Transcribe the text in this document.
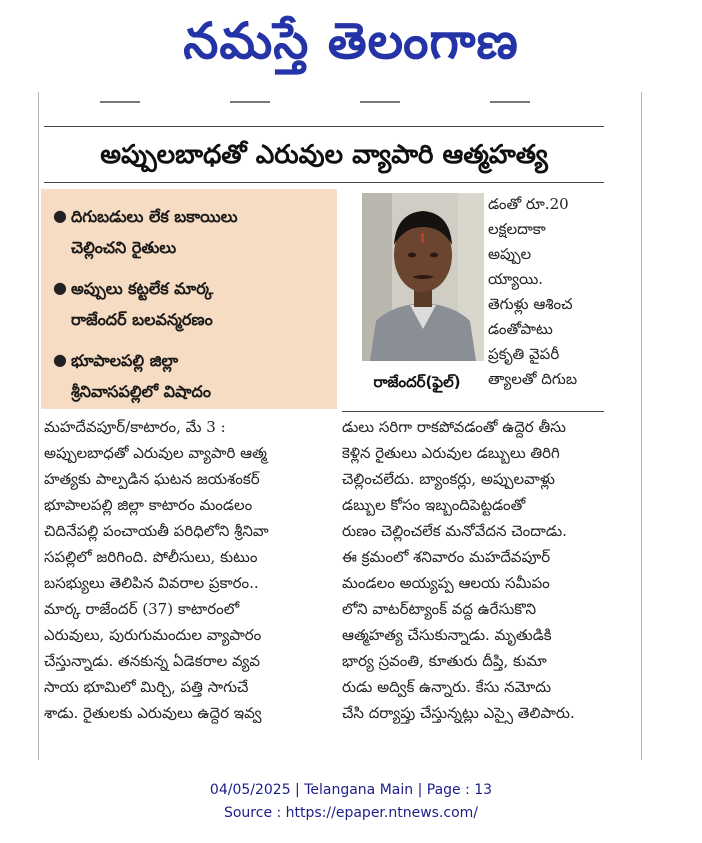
నమస్తే తెలంగాణ
అప్పులబాధతో ఎరువుల వ్యాపారి ఆత్మహత్య
● దిగుబడులు లేక బకాయిలు
చెల్లించని రైతులు
● అప్పులు కట్టలేక మార్క
రాజేందర్ బలవన్మరణం
● భూపాలపల్లి జిల్లా
శ్రీనివాసపల్లిలో విషాదం	రాజేందర్(ఫైల్)
డంతో రూ.20
లక్షలదాకా
అప్పుల
య్యాయి.
తెగుళ్లు ఆశించ
డంతోపాటు
ప్రకృతి వైపరీ
త్యాలతో దిగుబ
మహదేవపూర్/కాటారం, మే 3 :
అప్పులబాధతో ఎరువుల వ్యాపారి ఆత్మ
హత్యకు పాల్పడిన ఘటన జయశంకర్
భూపాలపల్లి జిల్లా కాటారం మండలం
చిదినేపల్లి పంచాయతీ పరిధిలోని శ్రీనివా
సపల్లిలో జరిగింది. పోలీసులు, కుటుం
బసభ్యులు తెలిపిన వివరాల ప్రకారం..
మార్క రాజేందర్ (37) కాటారంలో
ఎరువులు, పురుగుమందుల వ్యాపారం
చేస్తున్నాడు. తనకున్న ఏడెకరాల వ్యవ
సాయ భూమిలో మిర్చి, పత్తి సాగుచే
శాడు. రైతులకు ఎరువులు ఉద్దెర ఇవ్వ
డులు సరిగా రాకపోవడంతో ఉద్దెర తీసు
కెళ్లిన రైతులు ఎరువుల డబ్బులు తిరిగి
చెల్లించలేదు. బ్యాంకర్లు, అప్పులవాళ్లు
డబ్బుల కోసం ఇబ్బందిపెట్టడంతో
రుణం చెల్లించలేక మనోవేదన చెందాడు.
ఈ క్రమంలో శనివారం మహదేవపూర్
మండలం అయ్యప్ప ఆలయ సమీపం
లోని వాటర్‌ట్యాంక్ వద్ద ఉరేసుకొని
ఆత్మహత్య చేసుకున్నాడు. మృతుడికి
భార్య స్రవంతి, కూతురు దీప్తి, కుమా
రుడు అద్విక్ ఉన్నారు. కేసు నమోదు
చేసి దర్యాప్తు చేస్తున్నట్లు ఎస్సై తెలిపారు.
04/05/2025 | Telangana Main | Page : 13
Source : https://epaper.ntnews.com/
